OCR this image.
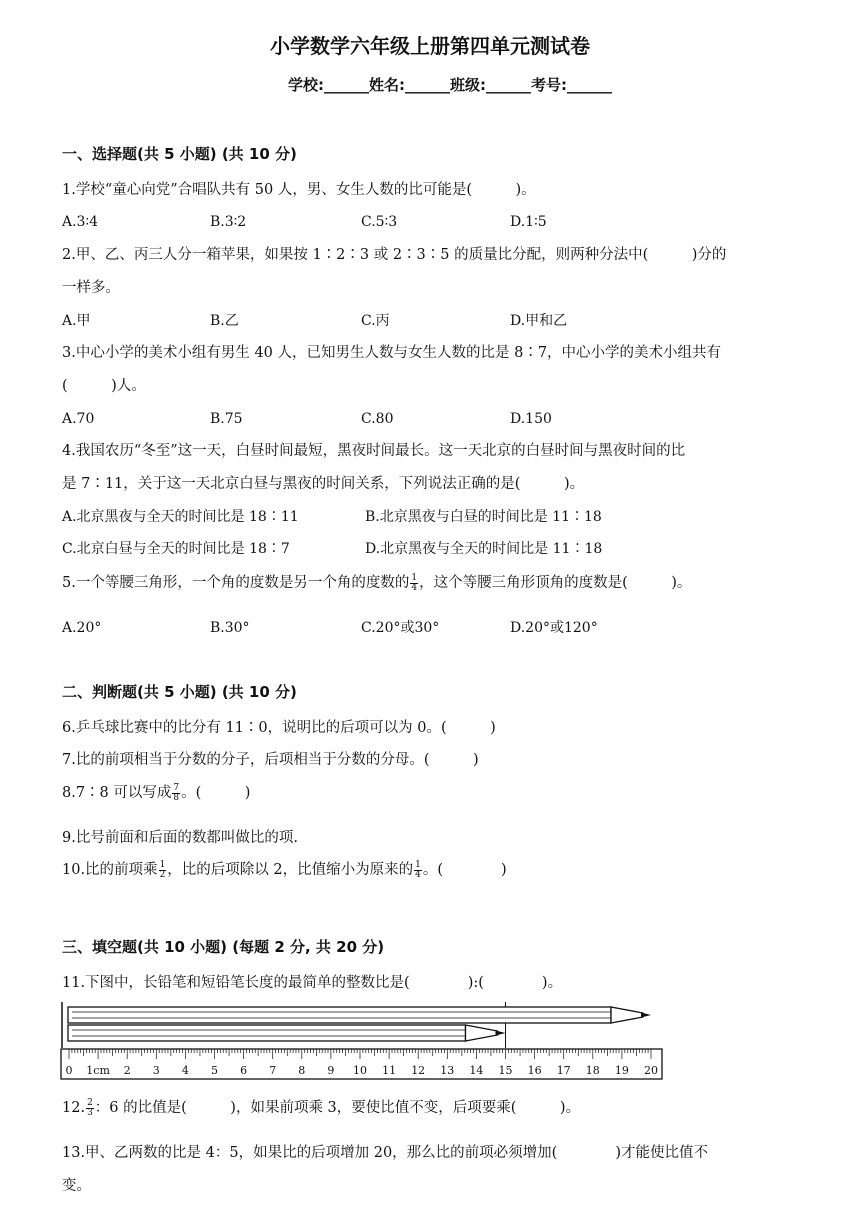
小学数学六年级上册第四单元测试卷
学校:______姓名:______班级:______考号:______
一、选择题(共 5 小题) (共 10 分)
1.学校“童心向党”合唱队共有 50 人，男、女生人数的比可能是(　　　)。
A.3∶4	B.3∶2	C.5∶3	D.1∶5
2.甲、乙、丙三人分一箱苹果，如果按 1∶2∶3 或 2∶3∶5 的质量比分配，则两种分法中(　　　)分的
一样多。
A.甲	B.乙	C.丙	D.甲和乙
3.中心小学的美术小组有男生 40 人，已知男生人数与女生人数的比是 8∶7，中心小学的美术小组共有
(　　　)人。
A.70	B.75	C.80	D.150
4.我国农历“冬至”这一天，白昼时间最短，黑夜时间最长。这一天北京的白昼时间与黑夜时间的比
是 7∶11，关于这一天北京白昼与黑夜的时间关系，下列说法正确的是(　　　)。
A.北京黑夜与全天的时间比是 18∶11	B.北京黑夜与白昼的时间比是 11∶18
C.北京白昼与全天的时间比是 18∶7	D.北京黑夜与全天的时间比是 11∶18
5.一个等腰三角形，一个角的度数是另一个角的度数的 $\frac{1}{4}$ ，这个等腰三角形顶角的度数是(　　　)。
A.20°	B.30°	C.20°或30°	D.20°或120°
二、判断题(共 5 小题) (共 10 分)
6.乒乓球比赛中的比分有 11∶0，说明比的后项可以为 0。(　　　)
7.比的前项相当于分数的分子，后项相当于分数的分母。(　　　)
8.7∶8 可以写成 $\frac{7}{8}$ 。(　　　)
9.比号前面和后面的数都叫做比的项.
10.比的前项乘 $\frac{1}{2}$ ，比的后项除以 2，比值缩小为原来的 $\frac{1}{4}$ 。(　　　　)
三、填空题(共 10 小题) (每题 2 分, 共 20 分)
11.下图中，长铅笔和短铅笔长度的最简单的整数比是(　　　　):(　　　　)。
0 1cm 2 3 4 5 6 7 8 9 10 11 12 13 14 15 16 17 18 19 20
12. $\frac{2}{3}$ ：6 的比值是(　　　)，如果前项乘 3，要使比值不变，后项要乘(　　　)。
13.甲、乙两数的比是 4：5，如果比的后项增加 20，那么比的前项必须增加(　　　　)才能使比值不
变。
